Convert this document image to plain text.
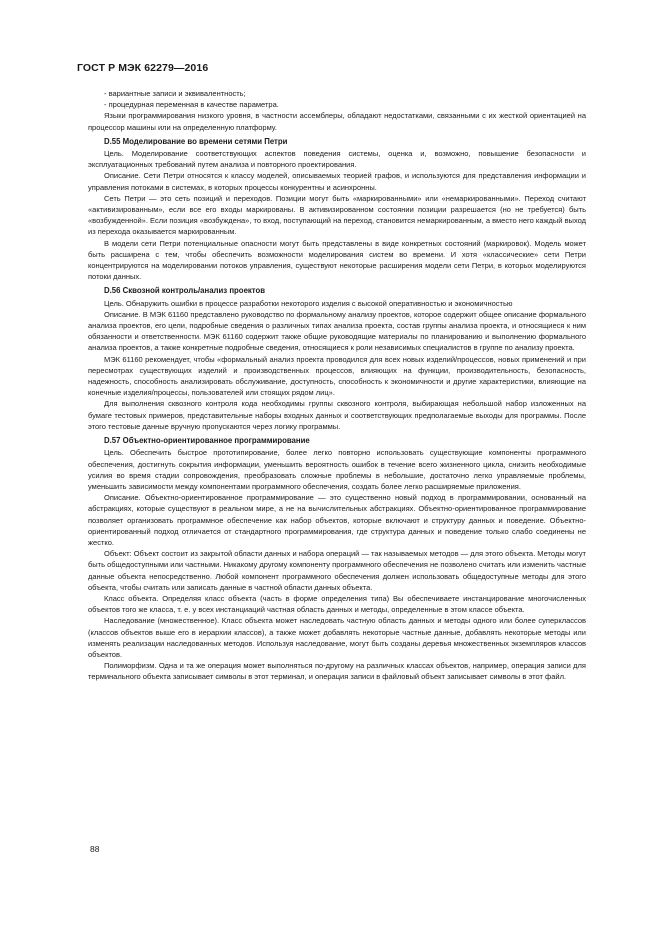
ГОСТ Р МЭК 62279—2016

- вариантные записи и эквивалентность;

- процедурная переменная в качестве параметра.

Языки программирования низкого уровня, в частности ассемблеры, обладают недостатками, связанными с их жесткой ориентацией на процессор машины или на определенную платформу.

D.55 Моделирование во времени сетями Петри

Цель. Моделирование соответствующих аспектов поведения системы, оценка и, возможно, повышение безопасности и эксплуатационных требований путем анализа и повторного проектирования.

Описание. Сети Петри относятся к классу моделей, описываемых теорией графов, и используются для представления информации и управления потоками в системах, в которых процессы конкурентны и асинхронны.

Сеть Петри — это сеть позиций и переходов. Позиции могут быть «маркированными» или «немаркированными». Переход считают «активизированным», если все его входы маркированы. В активизированном состоянии позиции разрешается (но не требуется) быть «возбужденной». Если позиция «возбуждена», то вход, поступающий на переход, становится немаркированным, а вместо него каждый выход из перехода оказывается маркированным.

В модели сети Петри потенциальные опасности могут быть представлены в виде конкретных состояний (маркировок). Модель может быть расширена с тем, чтобы обеспечить возможности моделирования систем во времени. И хотя «классические» сети Петри концентрируются на моделировании потоков управления, существуют некоторые расширения модели сети Петри, в которых моделируются потоки данных.

D.56 Сквозной контроль/анализ проектов

Цель. Обнаружить ошибки в процессе разработки некоторого изделия с высокой оперативностью и экономичностью

Описание. В МЭК 61160 представлено руководство по формальному анализу проектов, которое содержит общее описание формального анализа проектов, его цели, подробные сведения о различных типах анализа проекта, состав группы анализа проекта, и относящиеся к ним обязанности и ответственности. МЭК 61160 содержит также общие руководящие материалы по планированию и выполнению формального анализа проектов, а также конкретные подробные сведения, относящиеся к роли независимых специалистов в группе по анализу проекта.

МЭК 61160 рекомендует, чтобы «формальный анализ проекта проводился для всех новых изделий/процессов, новых применений и при пересмотрах существующих изделий и производственных процессов, влияющих на функции, производительность, безопасность, надежность, способность анализировать обслуживание, доступность, способность к экономичности и другие характеристики, влияющие на конечные изделия/процессы, пользователей или стоящих рядом лиц».

Для выполнения сквозного контроля кода необходимы группы сквозного контроля, выбирающая небольшой набор изложенных на бумаге тестовых примеров, представительные наборы входных данных и соответствующих предполагаемые выходы для программы. После этого тестовые данные вручную пропускаются через логику программы.

D.57 Объектно-ориентированное программирование

Цель. Обеспечить быстрое прототипирование, более легко повторно использовать существующие компоненты программного обеспечения, достигнуть сокрытия информации, уменьшить вероятность ошибок в течение всего жизненного цикла, снизить необходимые усилия во время стадии сопровождения, преобразовать сложные проблемы в небольшие, достаточно легко управляемые проблемы, уменьшить зависимости между компонентами программного обеспечения, создать более легко расширяемые приложения.

Описание. Объектно-ориентированное программирование — это существенно новый подход в программировании, основанный на абстракциях, которые существуют в реальном мире, а не на вычислительных абстракциях. Объектно-ориентированное программирование позволяет организовать программное обеспечение как набор объектов, которые включают и структуру данных и поведение. Объектно-ориентированный подход отличается от стандартного программирования, где структура данных и поведение только слабо соединены не жестко.

Объект: Объект состоит из закрытой области данных и набора операций — так называемых методов — для этого объекта. Методы могут быть общедоступными или частными. Никакому другому компоненту программного обеспечения не позволено считать или изменить частные данные объекта непосредственно. Любой компонент программного обеспечения должен использовать общедоступные методы для этого объекта, чтобы считать или записать данные в частной области данных объекта.

Класс объекта. Определяя класс объекта (часть в форме определения типа) Вы обеспечиваете инстанцирование многочисленных объектов того же класса, т. е. у всех инстанциаций частная область данных и методы, определенные в этом классе объекта.

Наследование (множественное). Класс объекта может наследовать частную область данных и методы одного или более суперклассов (классов объектов выше его в иерархии классов), а также может добавлять некоторые частные данные, добавлять некоторые методы или изменять реализации наследованных методов. Используя наследование, могут быть созданы деревья множественных экземпляров классов объектов.

Полиморфизм. Одна и та же операция может выполняться по-другому на различных классах объектов, например, операция записи для терминального объекта записывает символы в этот терминал, и операция записи в файловый объект записывает символы в этот файл.

88
